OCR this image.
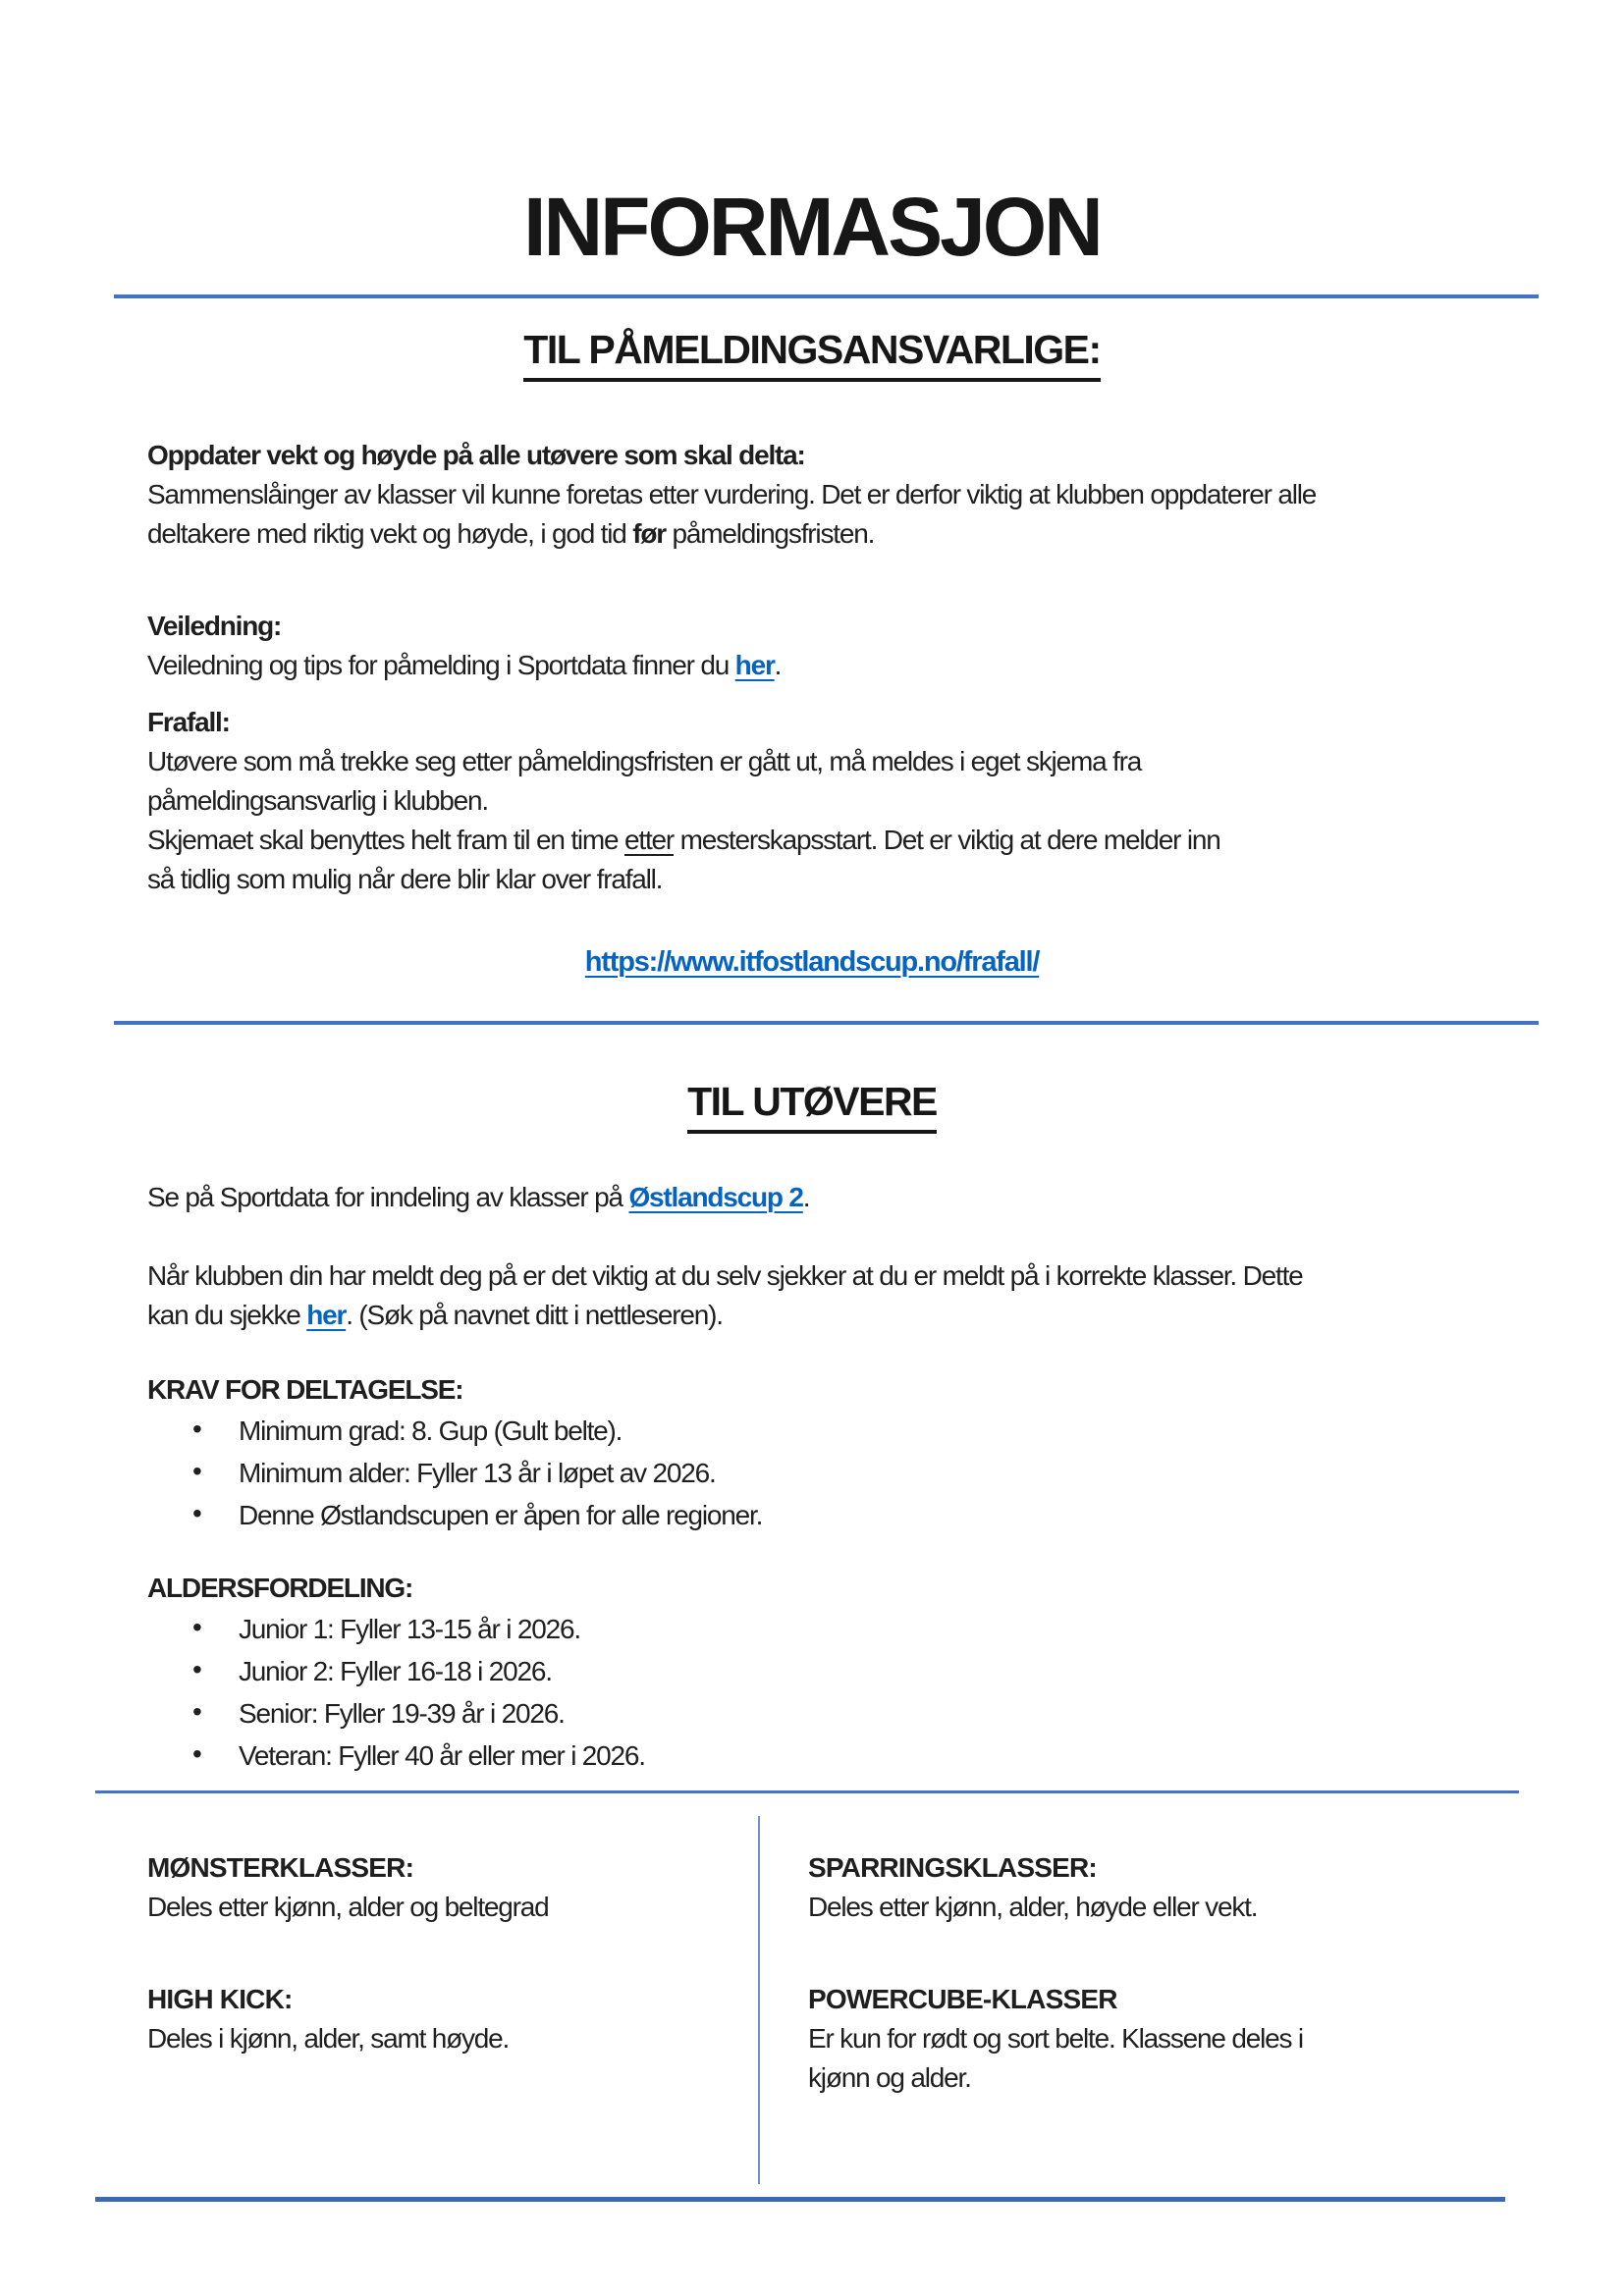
INFORMASJON
TIL PÅMELDINGSANSVARLIGE:
Oppdater vekt og høyde på alle utøvere som skal delta:
Sammenslåinger av klasser vil kunne foretas etter vurdering. Det er derfor viktig at klubben oppdaterer alle
deltakere med riktig vekt og høyde, i god tid før påmeldingsfristen.
Veiledning:
Veiledning og tips for påmelding i Sportdata finner du her.
Frafall:
Utøvere som må trekke seg etter påmeldingsfristen er gått ut, må meldes i eget skjema fra
påmeldingsansvarlig i klubben.
Skjemaet skal benyttes helt fram til en time etter mesterskapsstart. Det er viktig at dere melder inn
så tidlig som mulig når dere blir klar over frafall.
https://www.itfostlandscup.no/frafall/
TIL UTØVERE
Se på Sportdata for inndeling av klasser på Østlandscup 2.
Når klubben din har meldt deg på er det viktig at du selv sjekker at du er meldt på i korrekte klasser. Dette
kan du sjekke her. (Søk på navnet ditt i nettleseren).
KRAV FOR DELTAGELSE:
• Minimum grad: 8. Gup (Gult belte).
• Minimum alder: Fyller 13 år i løpet av 2026.
• Denne Østlandscupen er åpen for alle regioner.
ALDERSFORDELING:
• Junior 1: Fyller 13-15 år i 2026.
• Junior 2: Fyller 16-18 i 2026.
• Senior: Fyller 19-39 år i 2026.
• Veteran: Fyller 40 år eller mer i 2026.
MØNSTERKLASSER:
Deles etter kjønn, alder og beltegrad
HIGH KICK:
Deles i kjønn, alder, samt høyde.
SPARRINGSKLASSER:
Deles etter kjønn, alder, høyde eller vekt.
POWERCUBE-KLASSER
Er kun for rødt og sort belte. Klassene deles i
kjønn og alder.
